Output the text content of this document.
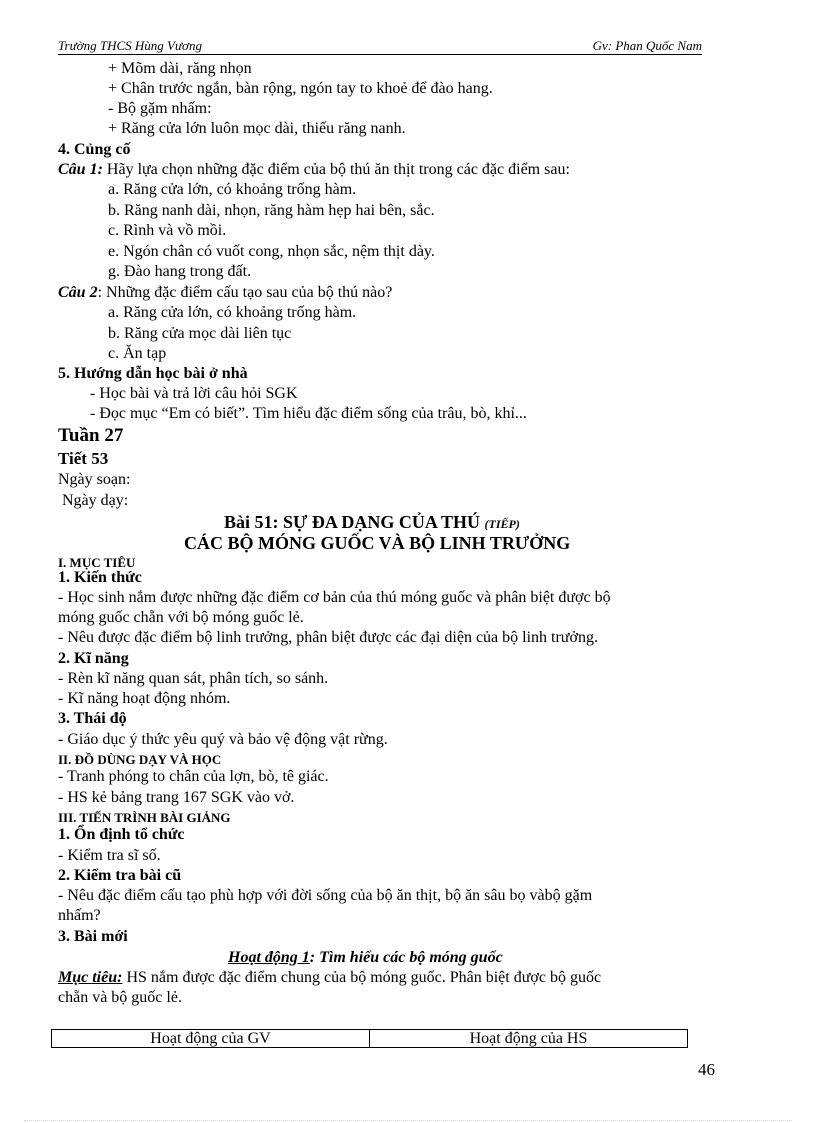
Trường THCS Hùng Vương	Gv: Phan Quốc Nam
+ Mõm dài, răng nhọn
+ Chân trước ngắn, bàn rộng, ngón tay to khoẻ để đào hang.
- Bộ gặm nhấm:
+ Răng cửa lớn luôn mọc dài, thiếu răng nanh.
4. Củng cố
Câu 1: Hãy lựa chọn những đặc điểm của bộ thú ăn thịt trong các đặc điểm sau:
a. Răng cửa lớn, có khoảng trống hàm.
b. Răng nanh dài, nhọn, răng hàm hẹp hai bên, sắc.
c. Rình và vồ mồi.
e. Ngón chân có vuốt cong, nhọn sắc, nệm thịt dày.
g. Đào hang trong đất.
Câu 2: Những đặc điểm cấu tạo sau của bộ thú nào?
a. Răng cửa lớn, có khoảng trống hàm.
b. Răng cửa mọc dài liên tục
c. Ăn tạp
5. Hướng dẫn học bài ở nhà
- Học bài và trả lời câu hỏi SGK
- Đọc mục “Em có biết”. Tìm hiểu đặc điểm sống của trâu, bò, khỉ...
Tuần 27
Tiết 53
Ngày soạn:
Ngày dạy:
Bài 51: SỰ ĐA DẠNG CỦA THÚ (TIẾP)
CÁC BỘ MÓNG GUỐC VÀ BỘ LINH TRƯỞNG
I. MỤC TIÊU
1. Kiến thức
- Học sinh nắm được những đặc điểm cơ bản của thú móng guốc và phân biệt được bộ
móng guốc chẵn với bộ móng guốc lẻ.
- Nêu được đặc điểm bộ linh trưởng, phân biệt được các đại diện của bộ linh trưởng.
2. Kĩ năng
- Rèn kĩ năng quan sát, phân tích, so sánh.
- Kĩ năng hoạt động nhóm.
3. Thái độ
- Giáo dục ý thức yêu quý và bảo vệ động vật rừng.
II. ĐỒ DÙNG DẠY VÀ HỌC
- Tranh phóng to chân của lợn, bò, tê giác.
- HS kẻ bảng trang 167 SGK vào vở.
III. TIẾN TRÌNH BÀI GIẢNG
1. Ổn định tổ chức
- Kiểm tra sĩ số.
2. Kiểm tra bài cũ
- Nêu đặc điểm cấu tạo phù hợp với đời sống của bộ ăn thịt, bộ ăn sâu bọ vàbộ gặm
nhấm?
3. Bài mới
Hoạt động 1: Tìm hiểu các bộ móng guốc
Mục tiêu: HS nắm được đặc điểm chung của bộ móng guốc. Phân biệt được bộ guốc
chẵn và bộ guốc lẻ.
Hoạt động của GV	Hoạt động của HS
46
